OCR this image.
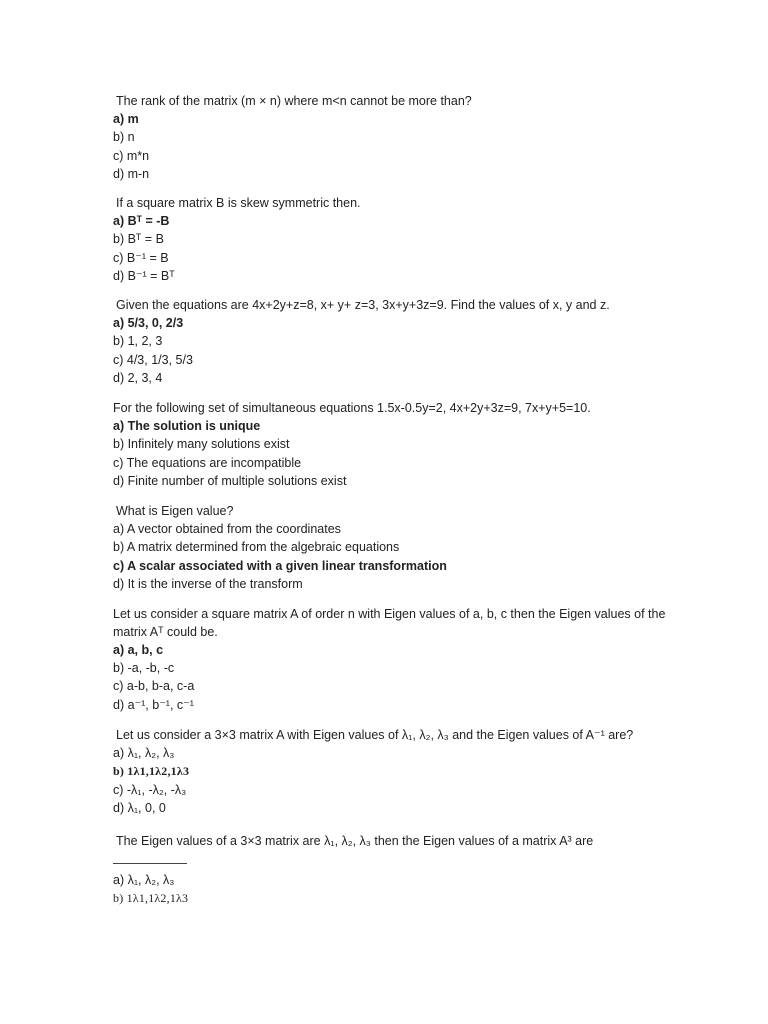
The rank of the matrix (m × n) where m<n cannot be more than?
a) m
b) n
c) m*n
d) m-n
If a square matrix B is skew symmetric then.
a) Bᵀ = -B
b) Bᵀ = B
c) B⁻¹ = B
d) B⁻¹ = Bᵀ
Given the equations are 4x+2y+z=8, x+ y+ z=3, 3x+y+3z=9. Find the values of x, y and z.
a) 5/3, 0, 2/3
b) 1, 2, 3
c) 4/3, 1/3, 5/3
d) 2, 3, 4
For the following set of simultaneous equations 1.5x-0.5y=2, 4x+2y+3z=9, 7x+y+5=10.
a) The solution is unique
b) Infinitely many solutions exist
c) The equations are incompatible
d) Finite number of multiple solutions exist
What is Eigen value?
a) A vector obtained from the coordinates
b) A matrix determined from the algebraic equations
c) A scalar associated with a given linear transformation
d) It is the inverse of the transform
Let us consider a square matrix A of order n with Eigen values of a, b, c then the Eigen values of the matrix Aᵀ could be.
a) a, b, c
b) -a, -b, -c
c) a-b, b-a, c-a
d) a⁻¹, b⁻¹, c⁻¹
Let us consider a 3×3 matrix A with Eigen values of λ₁, λ₂, λ₃ and the Eigen values of A⁻¹ are?
a) λ₁, λ₂, λ₃
b) 1λ1,1λ2,1λ3
c) -λ₁, -λ₂, -λ₃
d) λ₁, 0, 0
The Eigen values of a 3×3 matrix are λ₁, λ₂, λ₃ then the Eigen values of a matrix A³ are
a) λ₁, λ₂, λ₃
b) 1λ1,1λ2,1λ3
